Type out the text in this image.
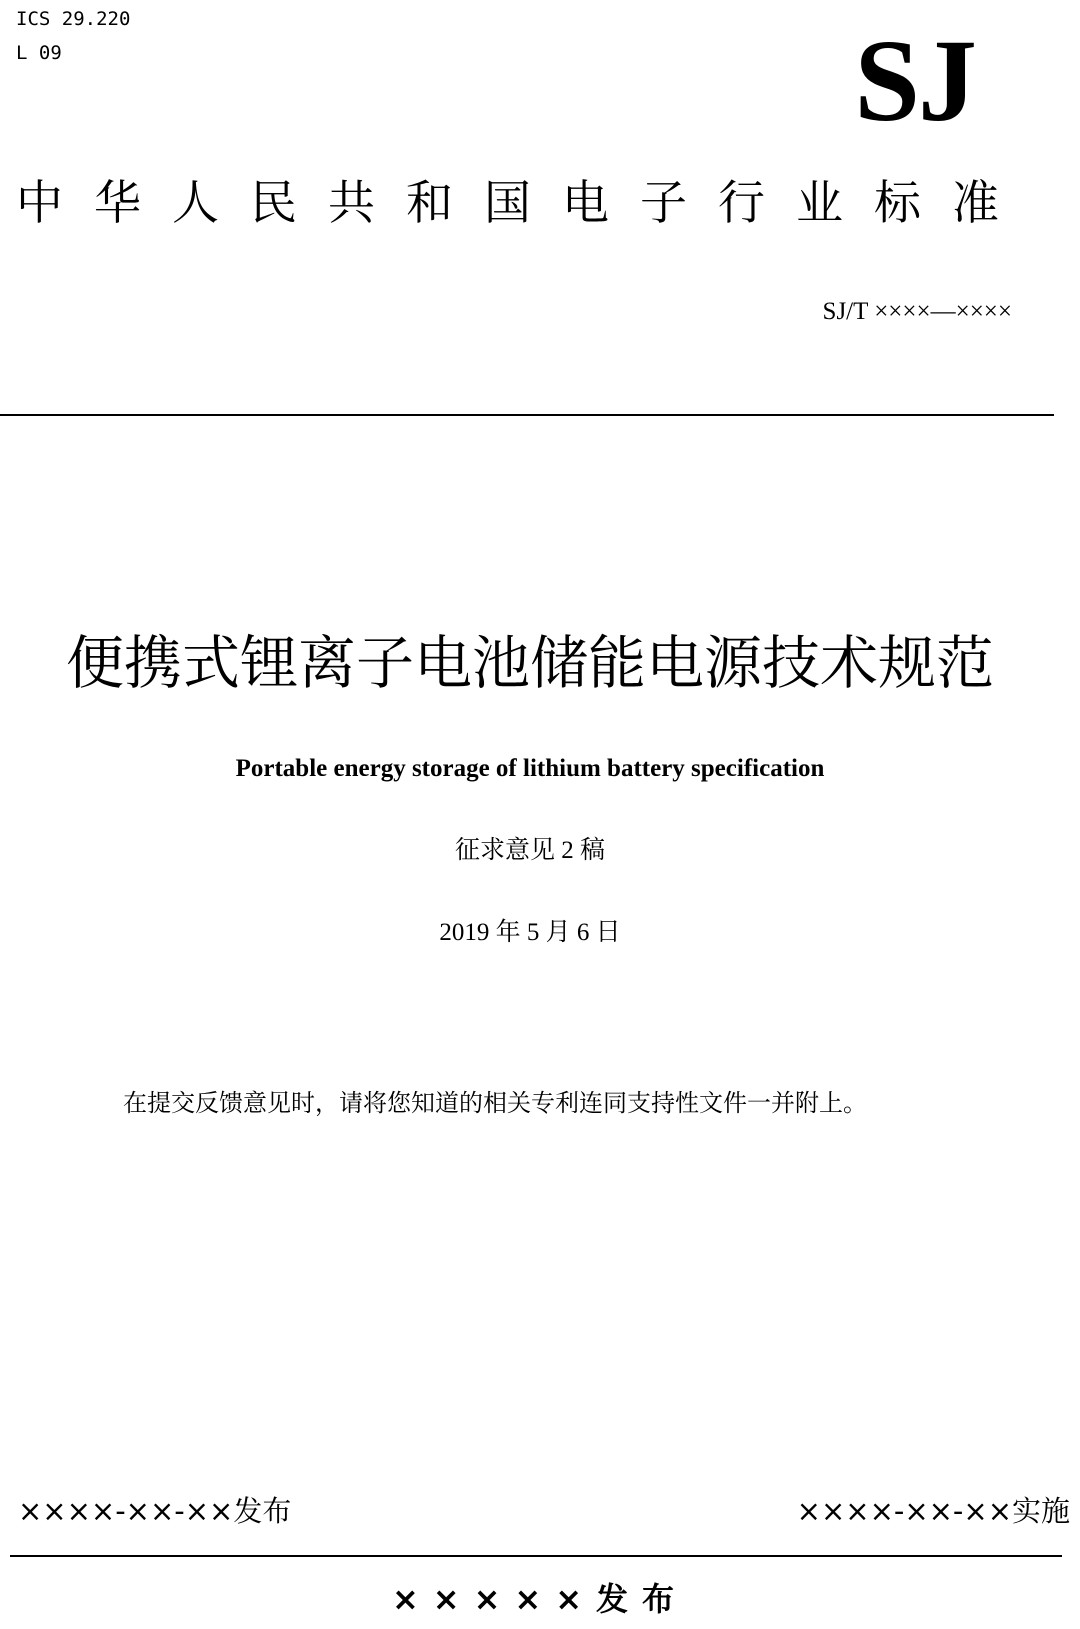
ICS 29.220
L 09	SJ
中华人民共和国电子行业标准
SJ/T ××××—××××
便携式锂离子电池储能电源技术规范
Portable energy storage of lithium battery specification
征求意见 2 稿
2019 年 5 月 6 日
在提交反馈意见时，请将您知道的相关专利连同支持性文件一并附上。
××××-××-××发布	××××-××-××实施
×××××发布
